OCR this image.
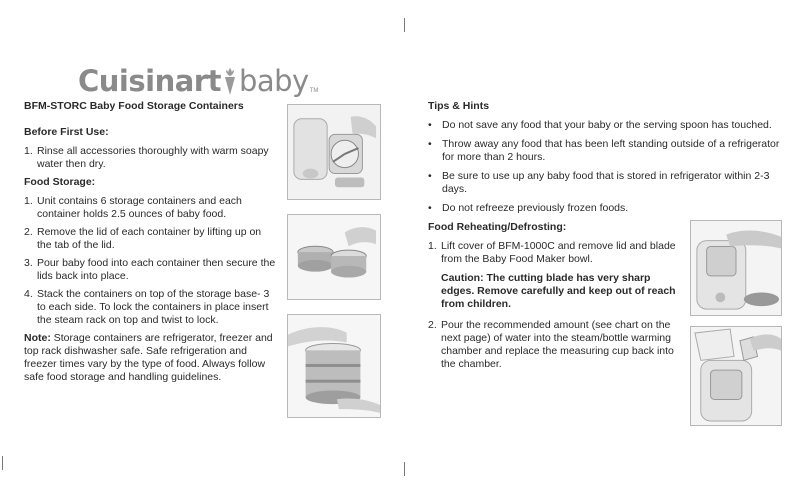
Cuisinart baby TM
BFM-STORC Baby Food Storage Containers
Before First Use:
1. Rinse all accessories thoroughly with warm soapy water then dry.
Food Storage:
1. Unit contains 6 storage containers and each container holds 2.5 ounces of baby food.
2. Remove the lid of each container by lifting up on the tab of the lid.
3. Pour baby food into each container then secure the lids back into place.
4. Stack the containers on top of the storage base- 3 to each side. To lock the containers in place insert the steam rack on top and twist to lock.

Note: Storage containers are refrigerator, freezer and top rack dishwasher safe. Safe refrigeration and freezer times vary by the type of food. Always follow safe food storage and handling guidelines.

Tips & Hints
• Do not save any food that your baby or the serving spoon has touched.
• Throw away any food that has been left standing outside of a refrigerator for more than 2 hours.
• Be sure to use up any baby food that is stored in refrigerator within 2-3 days.
• Do not refreeze previously frozen foods.
Food Reheating/Defrosting:
1. Lift cover of BFM-1000C and remove lid and blade from the Baby Food Maker bowl.

Caution: The cutting blade has very sharp edges. Remove carefully and keep out of reach from children.

2. Pour the recommended amount (see chart on the next page) of water into the steam/bottle warming chamber and replace the measuring cup back into the chamber.
